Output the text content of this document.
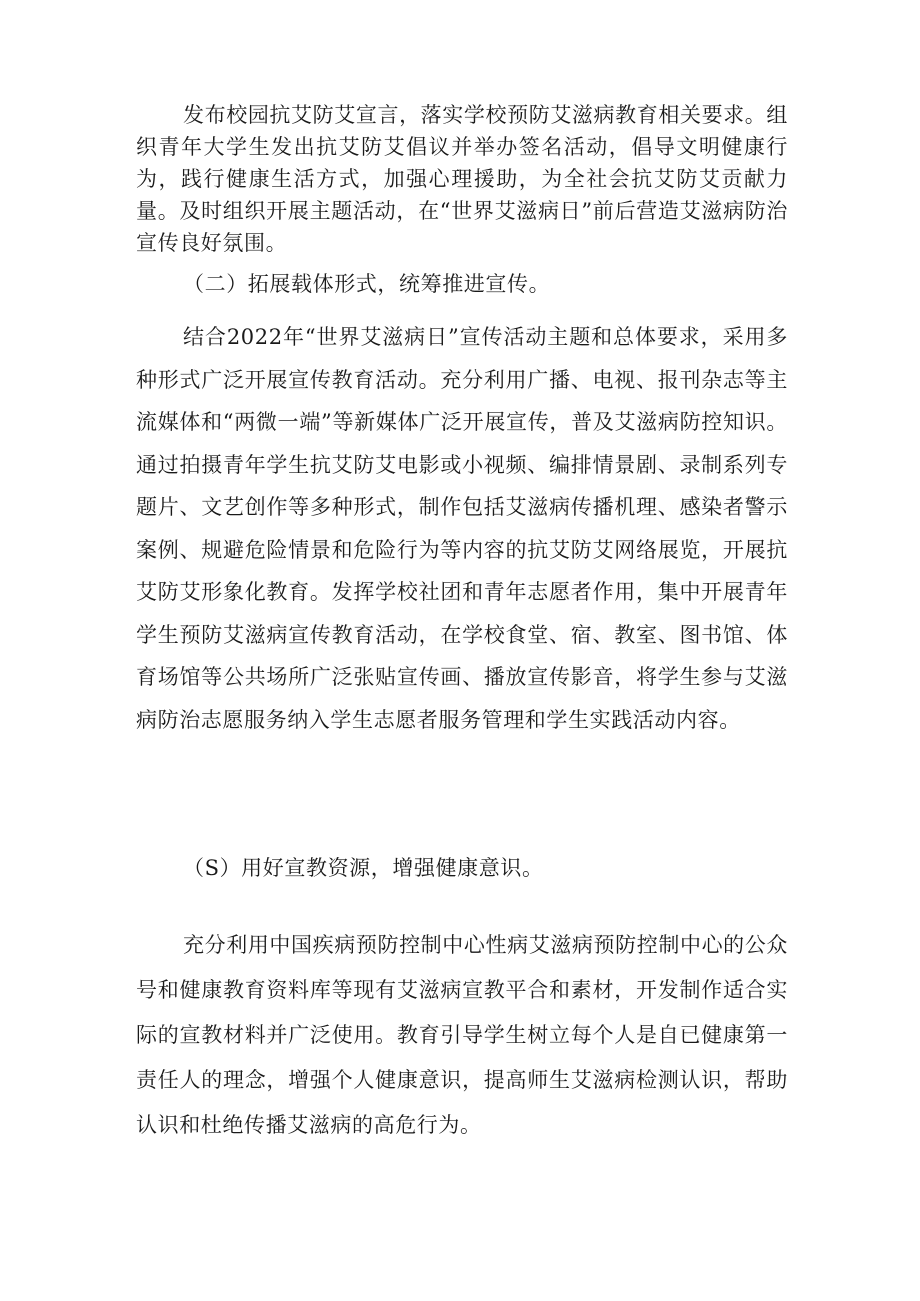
发布校园抗艾防艾宣言，落实学校预防艾滋病教育相关要求。组织青年大学生发出抗艾防艾倡议并举办签名活动，倡导文明健康行为，践行健康生活方式，加强心理援助，为全社会抗艾防艾贡献力量。及时组织开展主题活动，在“世界艾滋病日”前后营造艾滋病防治宣传良好氛围。

（二）拓展载体形式，统筹推进宣传。

结合2022年“世界艾滋病日”宣传活动主题和总体要求，采用多种形式广泛开展宣传教育活动。充分利用广播、电视、报刊杂志等主流媒体和“两微一端”等新媒体广泛开展宣传，普及艾滋病防控知识。通过拍摄青年学生抗艾防艾电影或小视频、编排情景剧、录制系列专题片、文艺创作等多种形式，制作包括艾滋病传播机理、感染者警示案例、规避危险情景和危险行为等内容的抗艾防艾网络展览，开展抗艾防艾形象化教育。发挥学校社团和青年志愿者作用，集中开展青年学生预防艾滋病宣传教育活动，在学校食堂、宿、教室、图书馆、体育场馆等公共场所广泛张贴宣传画、播放宣传影音，将学生参与艾滋病防治志愿服务纳入学生志愿者服务管理和学生实践活动内容。

（S）用好宣教资源，增强健康意识。

充分利用中国疾病预防控制中心性病艾滋病预防控制中心的公众号和健康教育资料库等现有艾滋病宣教平合和素材，开发制作适合实际的宣教材料并广泛使用。教育引导学生树立每个人是自已健康第一责任人的理念，增强个人健康意识，提高师生艾滋病检测认识，帮助认识和杜绝传播艾滋病的高危行为。
